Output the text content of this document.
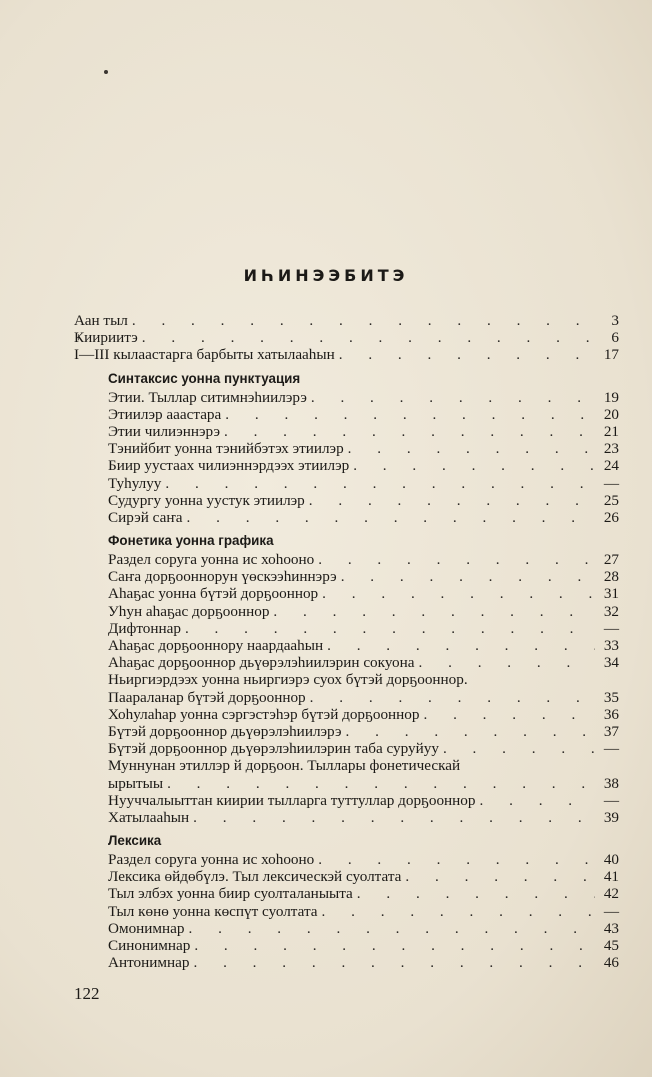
ИҺИНЭЭБИТЭ
Аан тыл . . .	3
Ҝиириитэ . . .	6
I—III кылаастарга барбыты хатылааһын . . .	17
Синтаксис уонна пунктуация
Этии. Тыллар ситимнэһиилэрэ . . .	19
Этиилэр ааастара . . .	20
Этии чилиэннэрэ . . .	21
Тэнийбит уонна тэнийбэтэх этиилэр . . .	23
Биир уустаах чилиэннэрдээх этиилэр . . .	24
Туһулуу . . .	—
Судургу уонна уустук этиилэр . . .	25
Сирэй саҥа . . .	26
Фонетика уонна графика
Раздел соруга уонна ис хоһооно . . .	27
Саҥа дорҕооннорун үөскээһиннэрэ . . .	28
Аһаҕас уонна бүтэй дорҕооннор . . .	31
Уһун аһаҕас дорҕооннор . . .	32
Дифтоннар . . .	—
Аһаҕас дорҕооннору наардааһын . . .	33
Аһаҕас дорҕооннор дьүөрэлэһиилэрин сокуона . . .	34
Ньиргиэрдээх уонна ньиргиэрэ суох бүтэй дорҕооннор.
Паараланар бүтэй дорҕооннор . . .	35
Хоһулаһар уонна сэргэстэһэр бүтэй дорҕооннор . . .	36
Бүтэй дорҕооннор дьүөрэлэһиилэрэ . . .	37
Бүтэй дорҕооннор дьүөрэлэһиилэрин таба суруйуу . . .	—
Муннунан этиллэр й дорҕоон. Тыллары фонетическай
ырытыы . . .	38
Нууччалыыттан киирии тылларга туттуллар дорҕооннор . . .	—
Хатылааһын . . .	39
Лексика
Раздел соруга уонна ис хоһооно . . .	40
Лексика өйдөбүлэ. Тыл лексическэй суолтата . . .	41
Тыл элбэх уонна биир суолталаныыта . . .	42
Тыл көнө уонна көспүт суолтата . . .	—
Омонимнар . . .	43
Синонимнар . . .	45
Антонимнар . . .	46
122
